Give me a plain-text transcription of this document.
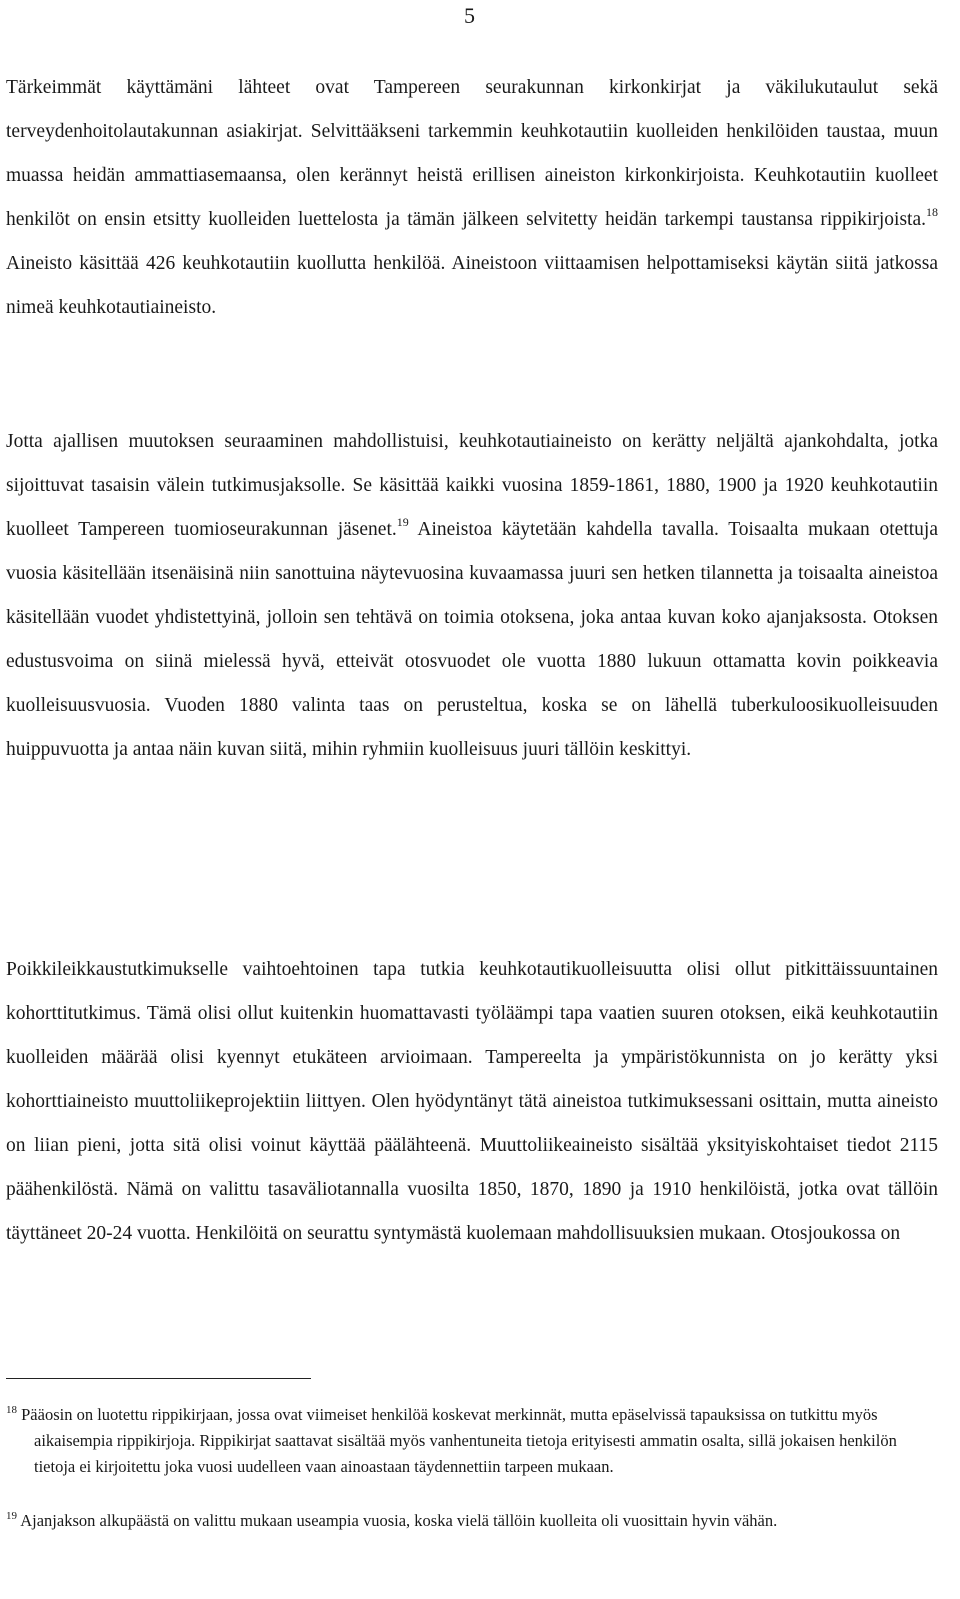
5

Tärkeimmät käyttämäni lähteet ovat Tampereen seurakunnan kirkonkirjat ja väkilukutaulut sekä terveydenhoitolautakunnan asiakirjat. Selvittääkseni tarkemmin keuhkotautiin kuolleiden henkilöiden taustaa, muun muassa heidän ammattiasemaansa, olen kerännyt heistä erillisen aineiston kirkonkirjoista. Keuhkotautiin kuolleet henkilöt on ensin etsitty kuolleiden luettelosta ja tämän jälkeen selvitetty heidän tarkempi taustansa rippikirjoista.$^{18}$ Aineisto käsittää 426 keuhkotautiin kuollutta henkilöä. Aineistoon viittaamisen helpottamiseksi käytän siitä jatkossa nimeä keuhkotautiaineisto.

Jotta ajallisen muutoksen seuraaminen mahdollistuisi, keuhkotautiaineisto on kerätty neljältä ajankohdalta, jotka sijoittuvat tasaisin välein tutkimusjaksolle. Se käsittää kaikki vuosina 1859-1861, 1880, 1900 ja 1920 keuhkotautiin kuolleet Tampereen tuomioseurakunnan jäsenet.$^{19}$ Aineistoa käytetään kahdella tavalla. Toisaalta mukaan otettuja vuosia käsitellään itsenäisinä niin sanottuina näytevuosina kuvaamassa juuri sen hetken tilannetta ja toisaalta aineistoa käsitellään vuodet yhdistettyinä, jolloin sen tehtävä on toimia otoksena, joka antaa kuvan koko ajanjaksosta. Otoksen edustusvoima on siinä mielessä hyvä, etteivät otosvuodet ole vuotta 1880 lukuun ottamatta kovin poikkeavia kuolleisuusvuosia. Vuoden 1880 valinta taas on perusteltua, koska se on lähellä tuberkuloosikuolleisuuden huippuvuotta ja antaa näin kuvan siitä, mihin ryhmiin kuolleisuus juuri tällöin keskittyi.

Poikkileikkaustutkimukselle vaihtoehtoinen tapa tutkia keuhkotautikuolleisuutta olisi ollut pitkittäissuuntainen kohorttitutkimus. Tämä olisi ollut kuitenkin huomattavasti työläämpi tapa vaatien suuren otoksen, eikä keuhkotautiin kuolleiden määrää olisi kyennyt etukäteen arvioimaan. Tampereelta ja ympäristökunnista on jo kerätty yksi kohorttiaineisto muuttoliikeprojektiin liittyen. Olen hyödyntänyt tätä aineistoa tutkimuksessani osittain, mutta aineisto on liian pieni, jotta sitä olisi voinut käyttää päälähteenä. Muuttoliikeaineisto sisältää yksityiskohtaiset tiedot 2115 päähenkilöstä. Nämä on valittu tasaväliotannalla vuosilta 1850, 1870, 1890 ja 1910 henkilöistä, jotka ovat tällöin täyttäneet 20-24 vuotta. Henkilöitä on seurattu syntymästä kuolemaan mahdollisuuksien mukaan. Otosjoukossa on

$^{18}$ Pääosin on luotettu rippikirjaan, jossa ovat viimeiset henkilöä koskevat merkinnät, mutta epäselvissä tapauksissa on tutkittu myös aikaisempia rippikirjoja. Rippikirjat saattavat sisältää myös vanhentuneita tietoja erityisesti ammatin osalta, sillä jokaisen henkilön tietoja ei kirjoitettu joka vuosi uudelleen vaan ainoastaan täydennettiin tarpeen mukaan.

$^{19}$ Ajanjakson alkupäästä on valittu mukaan useampia vuosia, koska vielä tällöin kuolleita oli vuosittain hyvin vähän.
